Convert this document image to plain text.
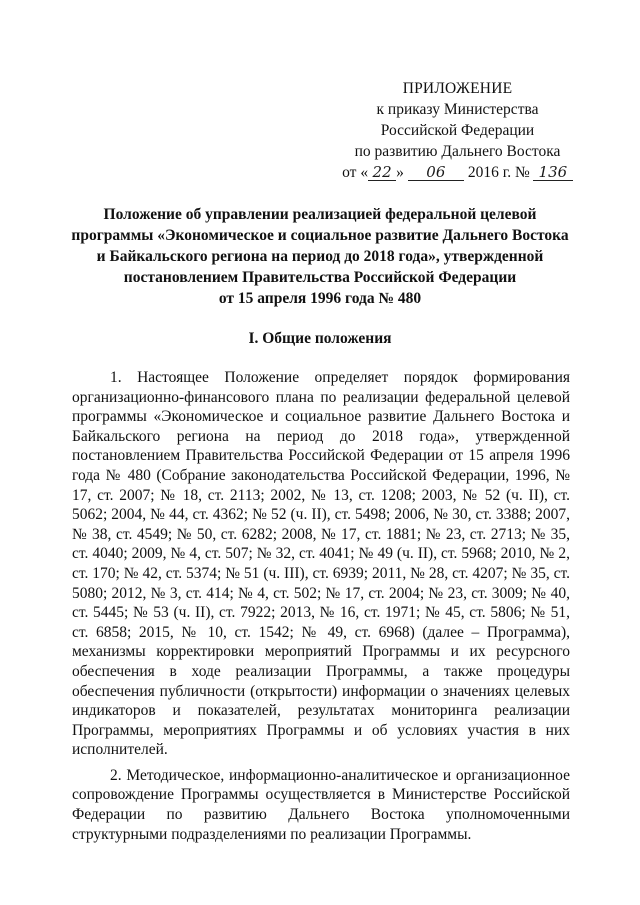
ПРИЛОЖЕНИЕ
к приказу Министерства
Российской Федерации
по развитию Дальнего Востока
от « 22 » 06 2016 г. № 136
Положение об управлении реализацией федеральной целевой
программы «Экономическое и социальное развитие Дальнего Востока
и Байкальского региона на период до 2018 года», утвержденной
постановлением Правительства Российской Федерации
от 15 апреля 1996 года № 480
I. Общие положения

1. Настоящее Положение определяет порядок формирования организационно-финансового плана по реализации федеральной целевой программы «Экономическое и социальное развитие Дальнего Востока и Байкальского региона на период до 2018 года», утвержденной постановлением Правительства Российской Федерации от 15 апреля 1996 года № 480 (Собрание законодательства Российской Федерации, 1996, № 17, ст. 2007; № 18, ст. 2113; 2002, № 13, ст. 1208; 2003, № 52 (ч. II), ст. 5062; 2004, № 44, ст. 4362; № 52 (ч. II), ст. 5498; 2006, № 30, ст. 3388; 2007, № 38, ст. 4549; № 50, ст. 6282; 2008, № 17, ст. 1881; № 23, ст. 2713; № 35, ст. 4040; 2009, № 4, ст. 507; № 32, ст. 4041; № 49 (ч. II), ст. 5968; 2010, № 2, ст. 170; № 42, ст. 5374; № 51 (ч. III), ст. 6939; 2011, № 28, ст. 4207; № 35, ст. 5080; 2012, № 3, ст. 414; № 4, ст. 502; № 17, ст. 2004; № 23, ст. 3009; № 40, ст. 5445; № 53 (ч. II), ст. 7922; 2013, № 16, ст. 1971; № 45, ст. 5806; № 51, ст. 6858; 2015, № 10, ст. 1542; № 49, ст. 6968) (далее – Программа), механизмы корректировки мероприятий Программы и их ресурсного обеспечения в ходе реализации Программы, а также процедуры обеспечения публичности (открытости) информации о значениях целевых индикаторов и показателей, результатах мониторинга реализации Программы, мероприятиях Программы и об условиях участия в них исполнителей.

2. Методическое, информационно-аналитическое и организационное сопровождение Программы осуществляется в Министерстве Российской Федерации по развитию Дальнего Востока уполномоченными структурными подразделениями по реализации Программы.
